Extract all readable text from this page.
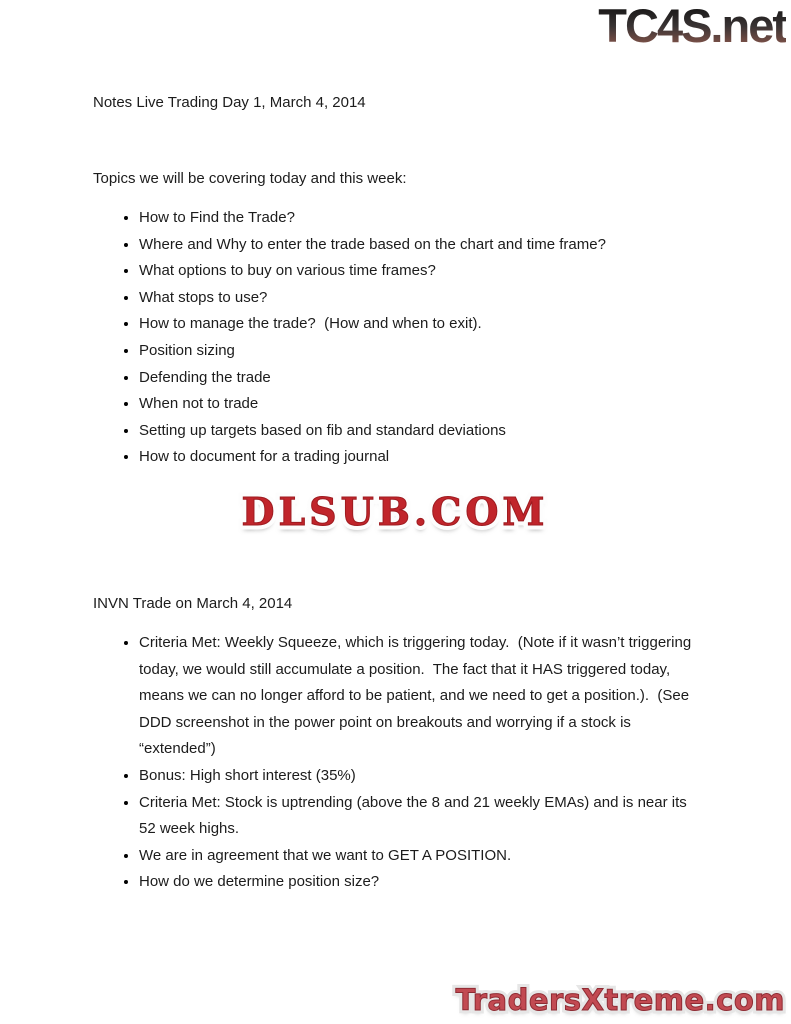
TC4S.net

Notes Live Trading Day 1, March 4, 2014

Topics we will be covering today and this week:

• How to Find the Trade?
• Where and Why to enter the trade based on the chart and time frame?
• What options to buy on various time frames?
• What stops to use?
• How to manage the trade?  (How and when to exit).
• Position sizing
• Defending the trade
• When not to trade
• Setting up targets based on fib and standard deviations
• How to document for a trading journal
DLSUB.COM DLSUB.COM

INVN Trade on March 4, 2014

• Criteria Met: Weekly Squeeze, which is triggering today.  (Note if it wasn’t triggering today, we would still accumulate a position.  The fact that it HAS triggered today, means we can no longer afford to be patient, and we need to get a position.).  (See DDD screenshot in the power point on breakouts and worrying if a stock is “extended”)
• Bonus: High short interest (35%)
• Criteria Met: Stock is uptrending (above the 8 and 21 weekly EMAs) and is near its 52 week highs.
• We are in agreement that we want to GET A POSITION.
• How do we determine position size?
TradersXtreme.com TradersXtreme.com
